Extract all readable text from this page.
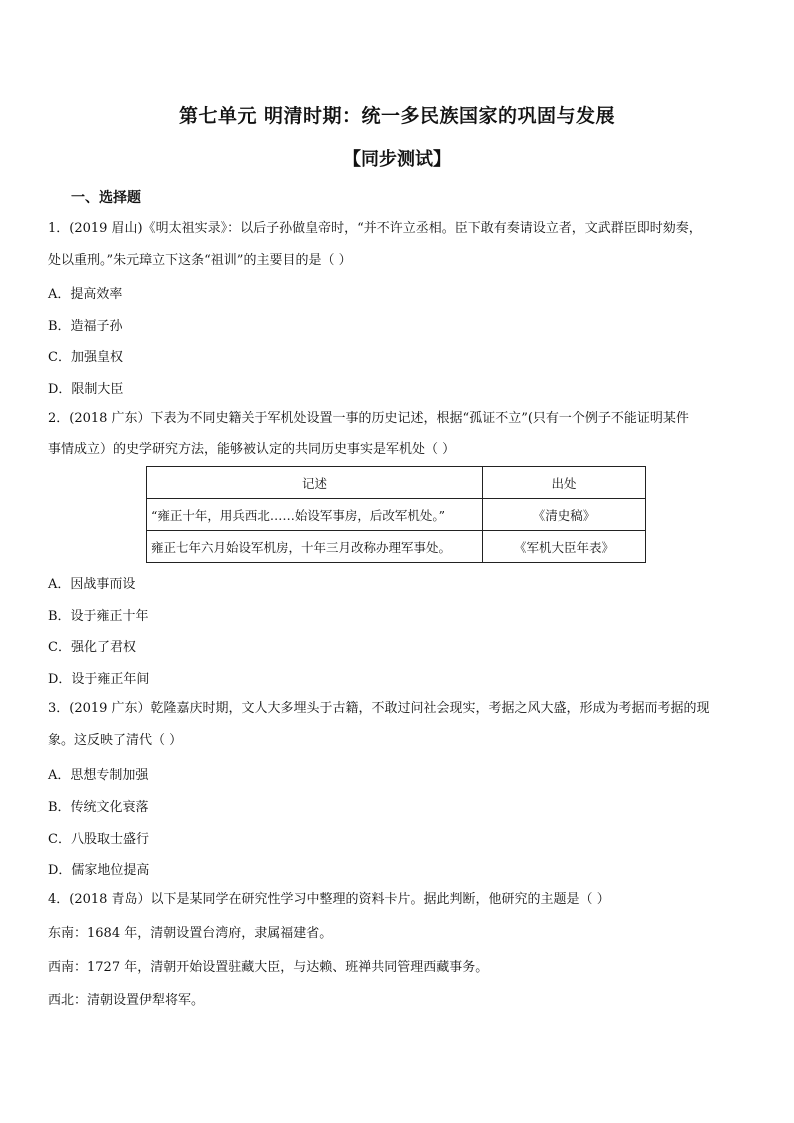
第七单元 明清时期：统一多民族国家的巩固与发展
【同步测试】
一、选择题
1．(2019 眉山)《明太祖实录》：以后子孙做皇帝时，“并不许立丞相。臣下敢有奏请设立者，文武群臣即时劾奏，
处以重刑。”朱元璋立下这条“祖训”的主要目的是（ ）
A．提高效率
B．造福子孙
C．加强皇权
D．限制大臣
2．(2018 广东）下表为不同史籍关于军机处设置一事的历史记述，根据“孤证不立”(只有一个例子不能证明某件
事情成立）的史学研究方法，能够被认定的共同历史事实是军机处（ ）
记述	出处
“雍正十年，用兵西北……始设军事房，后改军机处。”	《清史稿》
雍正七年六月始设军机房，十年三月改称办理军事处。	《军机大臣年表》
A．因战事而设
B．设于雍正十年
C．强化了君权
D．设于雍正年间
3．(2019 广东）乾隆嘉庆时期，文人大多埋头于古籍，不敢过问社会现实，考据之风大盛，形成为考据而考据的现
象。这反映了清代（ ）
A．思想专制加强
B．传统文化衰落
C．八股取士盛行
D．儒家地位提高
4．(2018 青岛）以下是某同学在研究性学习中整理的资料卡片。据此判断，他研究的主题是（ ）
东南：1684 年，清朝设置台湾府，隶属福建省。
西南：1727 年，清朝开始设置驻藏大臣，与达赖、班禅共同管理西藏事务。
西北：清朝设置伊犁将军。
